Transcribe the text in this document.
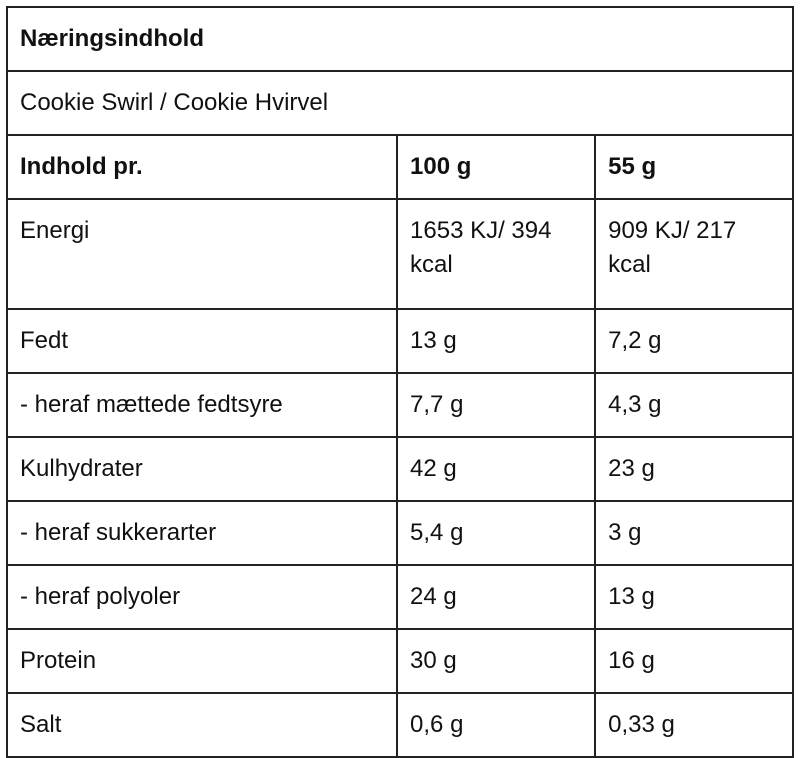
Næringsindhold		
Cookie Swirl / Cookie Hvirvel		
Indhold pr.	100 g	55 g
Energi	1653 KJ/ 394 kcal	909 KJ/ 217 kcal
Fedt	13 g	7,2 g
- heraf mættede fedtsyre	7,7 g	4,3 g
Kulhydrater	42 g	23 g
- heraf sukkerarter	5,4 g	3 g
- heraf polyoler	24 g	13 g
Protein	30 g	16 g
Salt	0,6 g	0,33 g
